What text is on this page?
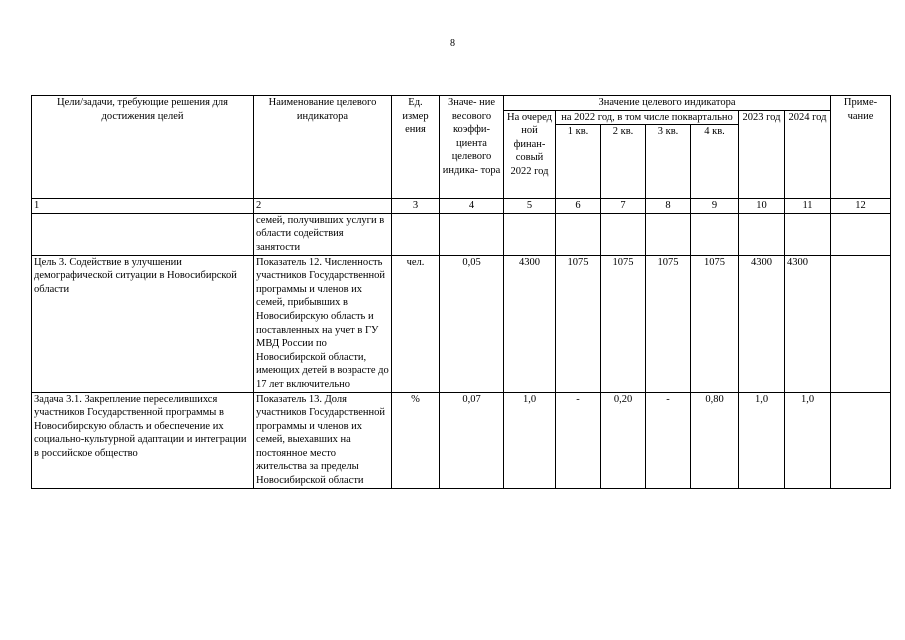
8
Цели/задачи, требующие решения для достижения целей	Наименование целевого индикатора	Ед. измер ения	Значе- ние весового коэффи- циента целевого индика- тора	Значение целевого индикатора							Приме- чание
				На очеред ной финан- совый 2022 год	на 2022 год, в том числе поквартально				2023 год	2024 год	
					1 кв.	2 кв.	3 кв.	4 кв.			
1	2	3	4	5	6	7	8	9	10	11	12
	семей, получивших услуги в области содействия занятости										
Цель 3. Содействие в улучшении демографической ситуации в Новосибирской области	Показатель 12. Численность участников Государственной программы и членов их семей, прибывших в Новосибирскую область и поставленных на учет в ГУ МВД России по Новосибирской области, имеющих детей в возрасте до 17 лет включительно	чел.	0,05	4300	1075	1075	1075	1075	4300	4300	
Задача 3.1. Закрепление переселившихся участников Государственной программы в Новосибирскую область и обеспечение их социально-культурной адаптации и интеграции в российское общество	Показатель 13. Доля участников Государственной программы и членов их семей, выехавших на постоянное место жительства за пределы Новосибирской области	%	0,07	1,0	-	0,20	-	0,80	1,0	1,0	
